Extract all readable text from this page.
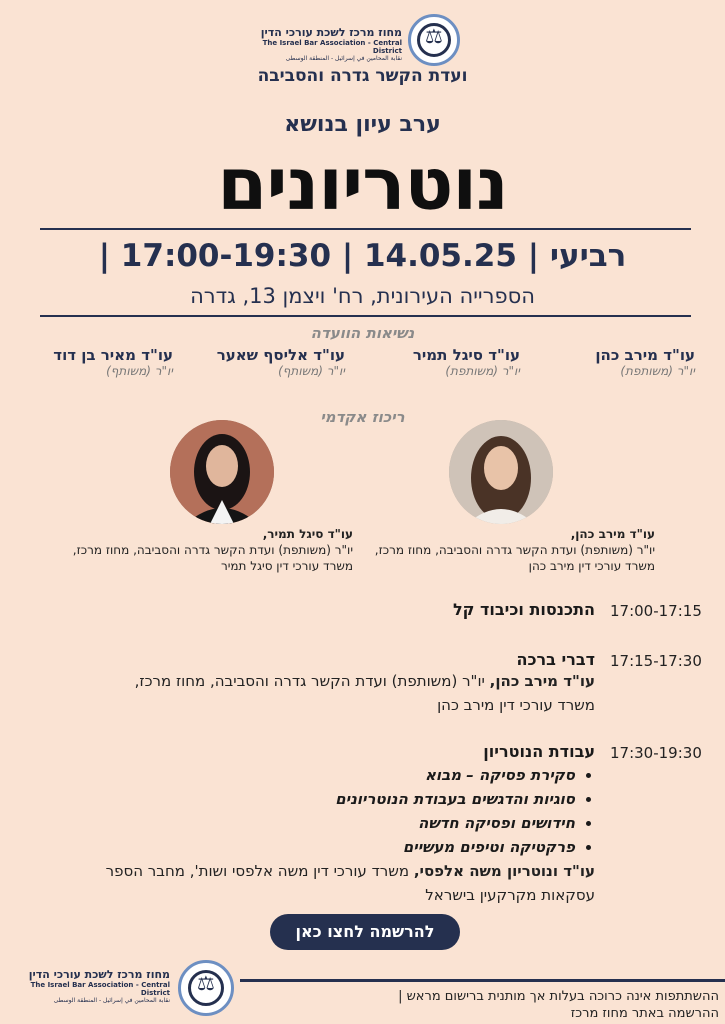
⚖
מחוז מרכז לשכת עורכי הדין
The Israel Bar Association - Central District
نقابة المحامين في إسرائيل - المنطقة الوسطى
ועדת הקשר גדרה והסביבה
ערב עיון בנושא
נוטריונים
| 17:00-19:30 | רביעי | 14.05.25
הספרייה העירונית, רח' ויצמן 13, גדרה
נשיאות הוועדה
עו"ד מירב כהן
יו"ר (משותפת)
עו"ד סיגל תמיר
יו"ר (משותפת)
עו"ד אליסף שאער
יו"ר (משותף)
עו"ד מאיר בן דוד
יו"ר (משותף)
ריכוז אקדמי
עו"ד מירב כהן,
יו"ר (משותפת) ועדת הקשר גדרה והסביבה, מחוז מרכז, משרד עורכי דין מירב כהן
עו"ד סיגל תמיר,
יו"ר (משותפת) ועדת הקשר גדרה והסביבה, מחוז מרכז, משרד עורכי דין סיגל תמיר
17:00-17:15
התכנסות וכיבוד קל
17:15-17:30
דברי ברכה
עו"ד מירב כהן, יו"ר (משותפת) ועדת הקשר גדרה והסביבה, מחוז מרכז, משרד עורכי דין מירב כהן
17:30-19:30
עבודת הנוטריון
• סקירת פסיקה – מבוא
• סוגיות והדגשים בעבודת הנוטריונים
• חידושים ופסיקה חדשה
• פרקטיקה וטיפים מעשיים
עו"ד ונוטריון משה אלפסי, משרד עורכי דין משה אלפסי ושות', מחבר הספר עסקאות מקרקעין בישראל
להרשמה לחצו כאן
⚖
מחוז מרכז לשכת עורכי הדין
The Israel Bar Association - Central District
نقابة المحامين في إسرائيل - المنطقة الوسطى	ההשתתפות אינה כרוכה בעלות אך מותנית ברישום מראש |
ההרשמה באתר מחוז מרכז
